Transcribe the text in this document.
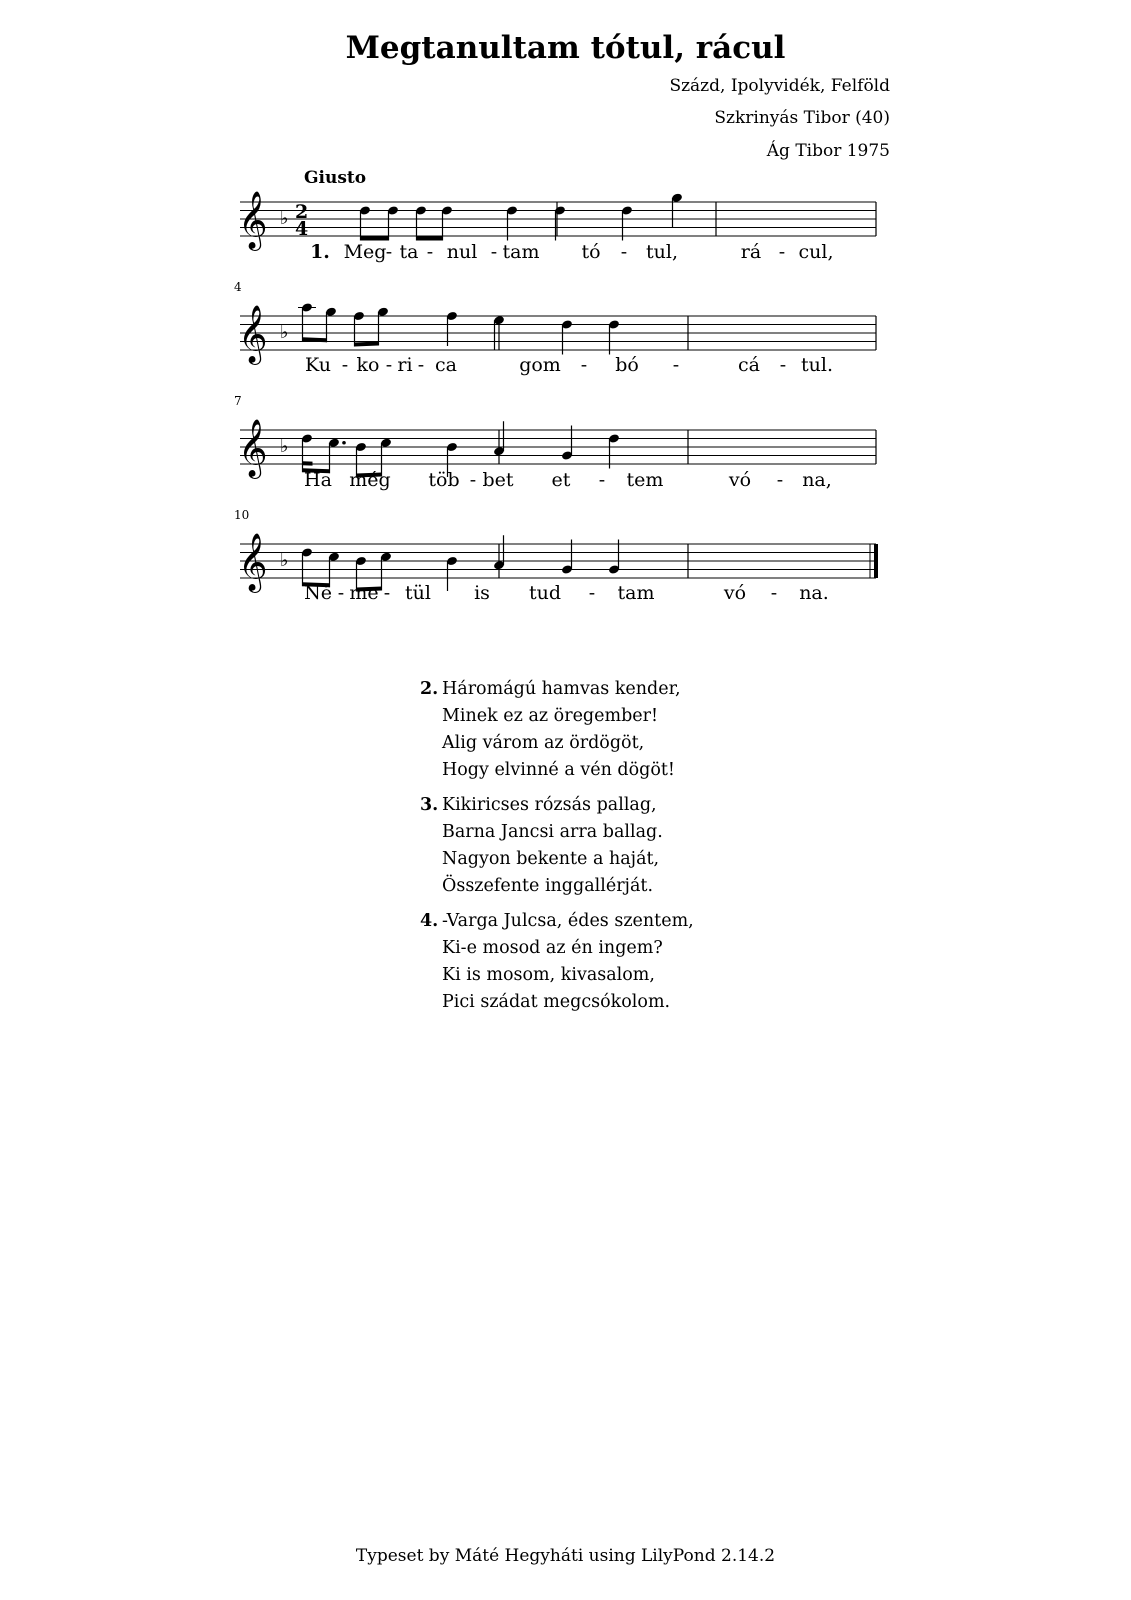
Megtanultam tótul, rácul
Százd, Ipolyvidék, Felföld
Szkrinyás Tibor (40)
Ág Tibor 1975
Giusto
4
7
10
𝄞 ♭ 2
4
1. Meg - ta - nul - tam tó - tul,	rá - cul,
𝄞 ♭
Ku - ko - ri - ca	gom - bó -	cá - tul.
𝄞 ♭
Ha még töb - bet et - tem	vó - na,
𝄞 ♭
Né - me - tül is tud - tam	vó - na.
2. Háromágú hamvas kender,
Minek ez az öregember!
Alig várom az ördögöt,
Hogy elvinné a vén dögöt!
3. Kikiricses rózsás pallag,
Barna Jancsi arra ballag.
Nagyon bekente a haját,
Összefente inggallérját.
4. -Varga Julcsa, édes szentem,
Ki-e mosod az én ingem?
Ki is mosom, kivasalom,
Pici szádat megcsókolom.
Typeset by Máté Hegyháti using LilyPond 2.14.2
